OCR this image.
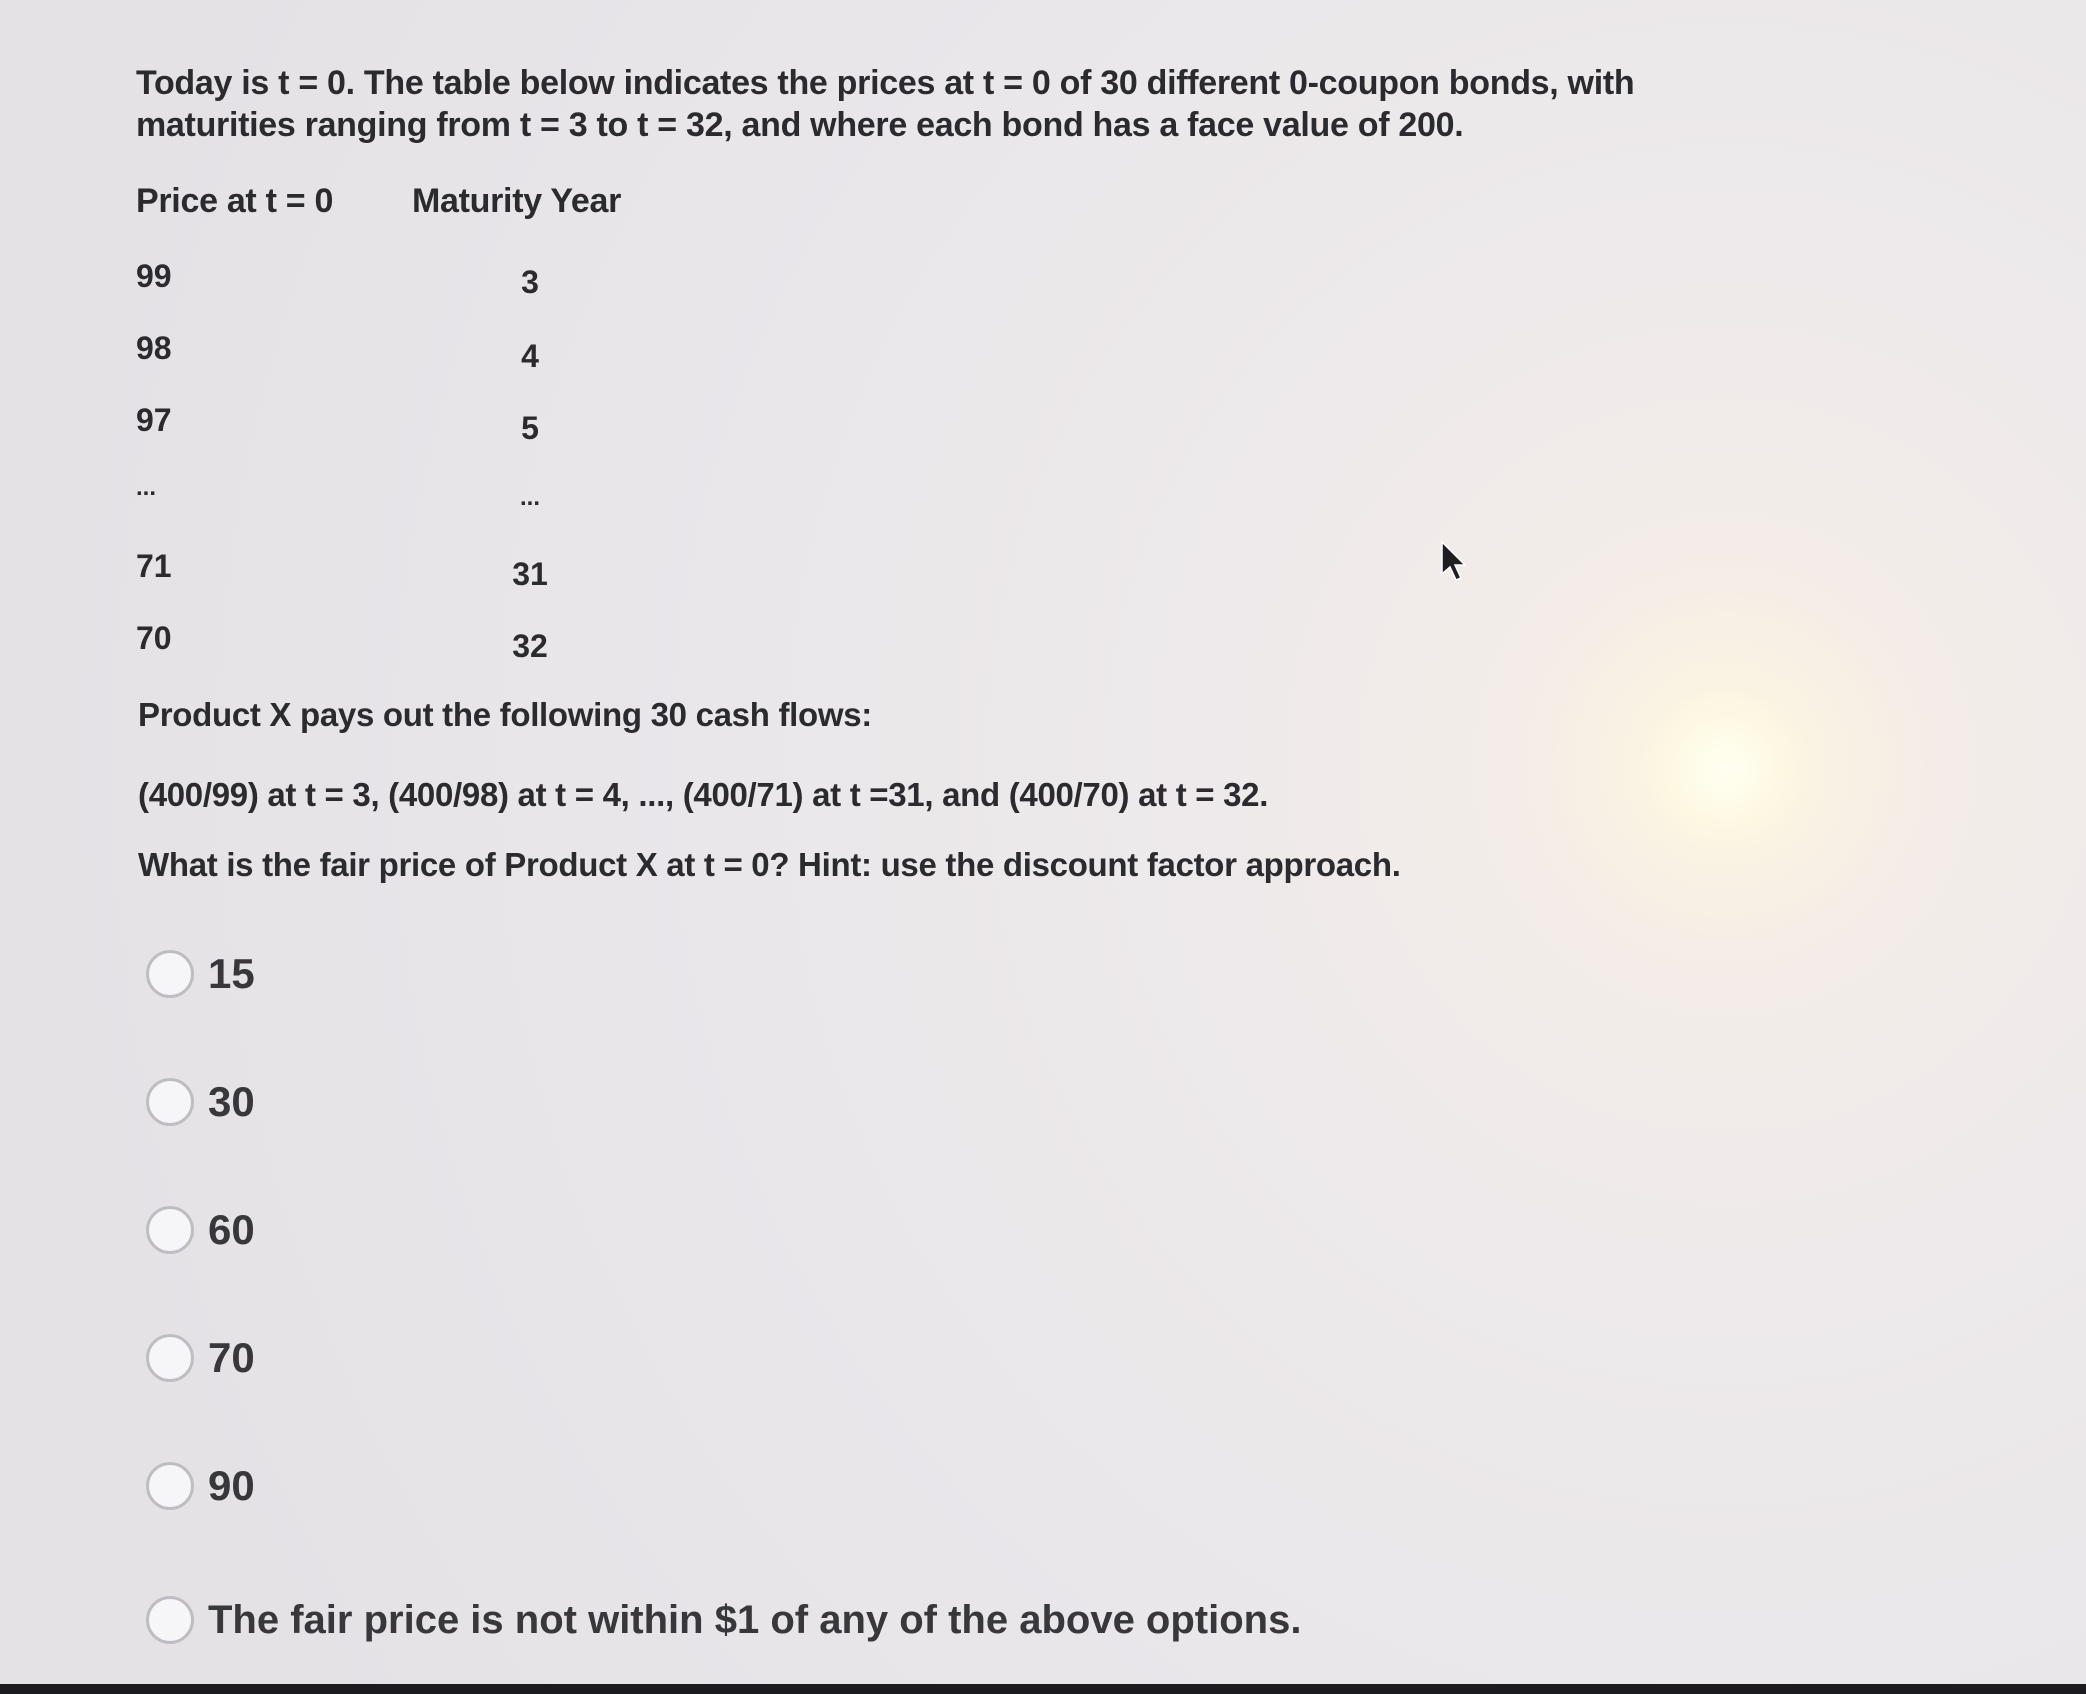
Today is t = 0. The table below indicates the prices at t = 0 of 30 different 0-coupon bonds, with maturities ranging from t = 3 to t = 32, and where each bond has a face value of 200.
Price at t = 0 Maturity Year
99	3
98	4
97	5
...	...
71	31
70	32
Product X pays out the following 30 cash flows:
(400/99) at t = 3, (400/98) at t = 4, ..., (400/71) at t =31, and (400/70) at t = 32.
What is the fair price of Product X at t = 0? Hint: use the discount factor approach.
15
30
60
70
90
The fair price is not within $1 of any of the above options.
